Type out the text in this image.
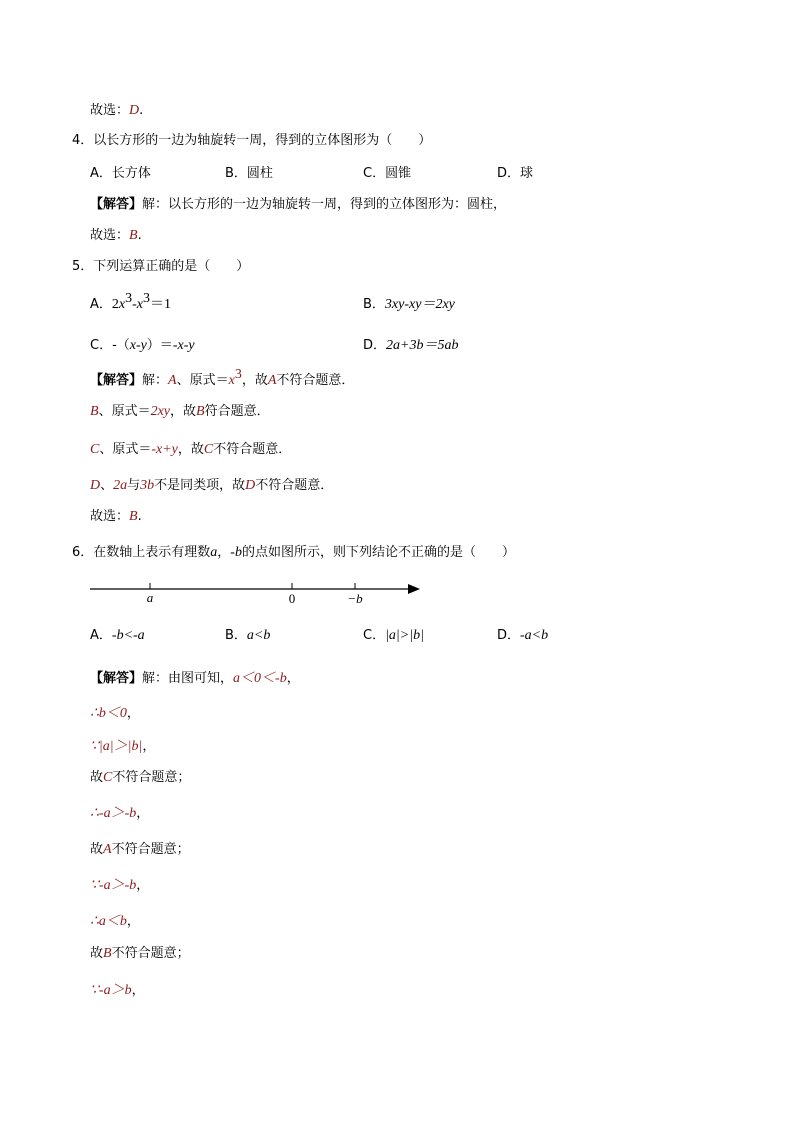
故选：D.
4．以长方形的一边为轴旋转一周，得到的立体图形为（　　）
A．长方体	B．圆柱	C．圆锥	D．球
【解答】解：以长方形的一边为轴旋转一周，得到的立体图形为：圆柱，
故选：B.
5．下列运算正确的是（　　）
A．$2x^3-x^3=1$	B．3xy-xy＝2xy
C．-（x-y）＝-x-y	D．2a+3b＝5ab
【解答】解：A、原式$=x^3$，故A不符合题意．
B、原式＝2xy，故B符合题意．
C、原式＝-x+y，故C不符合题意．
D、2a与3b不是同类项，故D不符合题意．
故选：B.
6．在数轴上表示有理数a，-b的点如图所示，则下列结论不正确的是（　　）
a	0	−b
A．-b<-a	B．a<b	C．|a|>|b|	D．-a<b
【解答】解：由图可知，a＜0＜-b，
∴b＜0，
∵|a|＞|b|，
故C不符合题意；
∴-a＞-b，
故A不符合题意；
∵-a＞-b，
∴a＜b，
故B不符合题意；
∵-a＞b，
